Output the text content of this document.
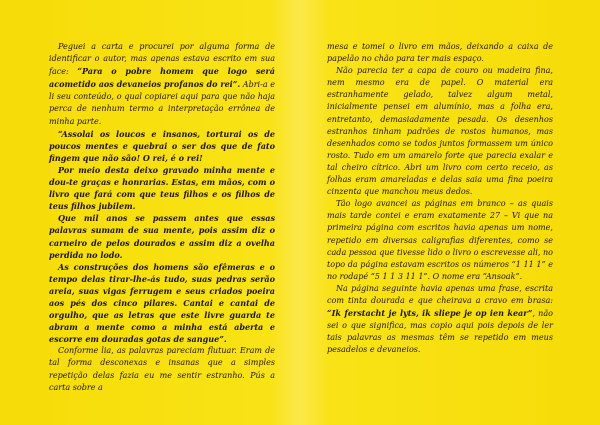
Peguei a carta e procurei por alguma forma de identificar o autor, mas apenas estava escrito em sua face: “Para o pobre homem que logo será acometido aos devaneios profanos do rei”. Abri-a e li seu conteúdo, o qual copiarei aqui para que não haja perca de nenhum termo a interpretação errônea de minha parte.

“Assolai os loucos e insanos, torturai os de poucos mentes e quebrai o ser dos que de fato fingem que não são! O rei, é o rei!

Por meio desta deixo gravado minha mente e dou-te graças e honrarias. Estas, em mãos, com o livro que fará com que teus filhos e os filhos de teus filhos jubilem.

Que mil anos se passem antes que essas palavras sumam de sua mente, pois assim diz o carneiro de pelos dourados e assim diz a ovelha perdida no lodo.

As construções dos homens são efêmeras e o tempo delas tirar-lhe-ás tudo, suas pedras serão areia, suas vigas ferrugem e seus criados poeira aos pés dos cinco pilares. Cantai e cantai de orgulho, que as letras que este livre guarda te abram a mente como a minha está aberta e escorre em douradas gotas de sangue”.

Conforme lia, as palavras pareciam flutuar. Eram de tal forma desconexas e insanas que a simples repetição delas fazia eu me sentir estranho. Pús a carta sobre a

mesa e tomei o livro em mãos, deixando a caixa de papelão no chão para ter mais espaço.

Não parecia ter a capa de couro ou madeira fina, nem mesmo era de papel. O material era estranhamente gelado, talvez algum metal, inicialmente pensei em alumínio, mas a folha era, entretanto, demasiadamente pesada. Os desenhos estranhos tinham padrões de rostos humanos, mas desenhados como se todos juntos formassem um único rosto. Tudo em um amarelo forte que parecia exalar e tal cheiro cítrico. Abri um livro com certo receio, as folhas eram amareladas e delas saia uma fina poeira cinzenta que manchou meus dedos.

Tão logo avancei as páginas em branco – as quais mais tarde contei e eram exatamente 27 – Vi que na primeira página com escritos havia apenas um nome, repetido em diversas caligrafias diferentes, como se cada pessoa que tivesse lido o livro o escrevesse ali, no topo da página estavam escritos os números “1 11 1” e no rodapé “5 1 1 3 11 1”. O nome era “Ansoak”.

Na página seguinte havia apenas uma frase, escrita com tinta dourada e que cheirava a cravo em brasa: “Ik ferstacht je lyts, ik sliepe je op ien kear”, não sei o que significa, mas copio aqui pois depois de ler tais palavras as mesmas têm se repetido em meus pesadelos e devaneios.
